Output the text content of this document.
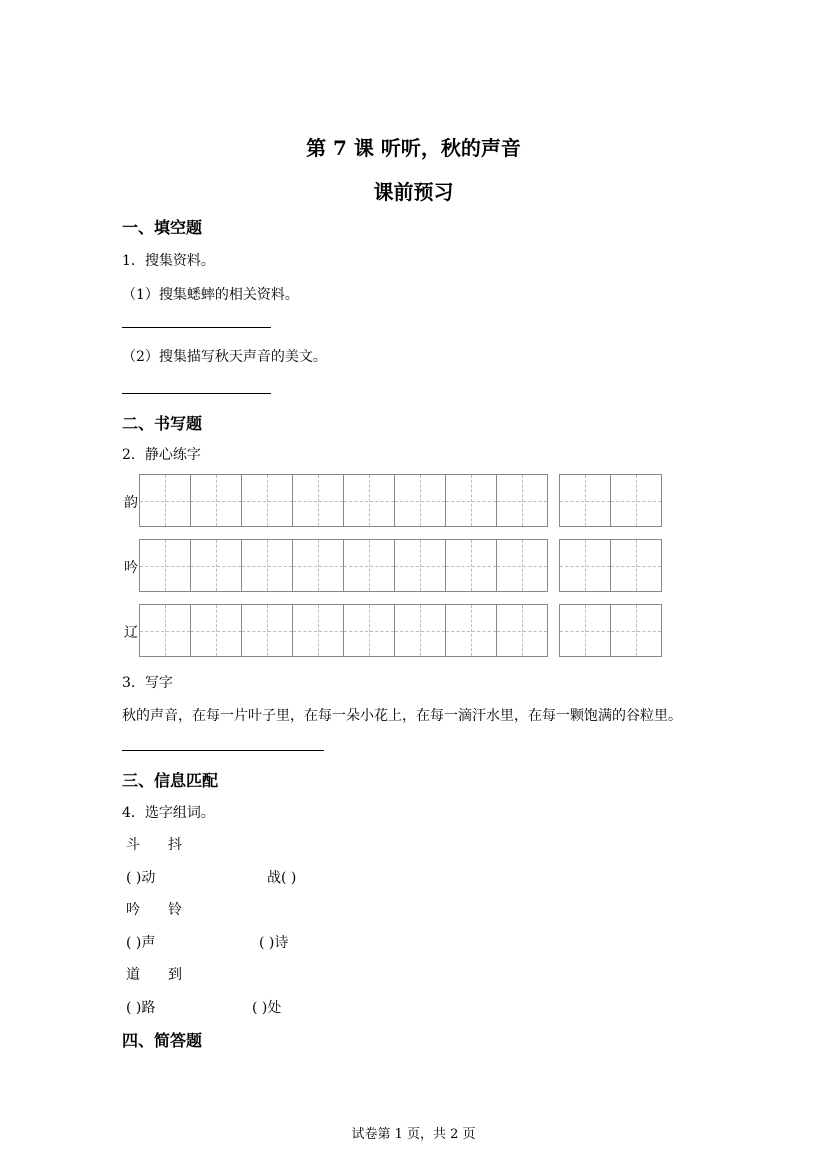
第 7 课 听听，秋的声音
课前预习
一、填空题
1．搜集资料。
（1）搜集蟋蟀的相关资料。
（2）搜集描写秋天声音的美文。
二、书写题
2．静心练字
韵
吟
辽
3．写字
秋的声音，在每一片叶子里，在每一朵小花上，在每一滴汗水里，在每一颗饱满的谷粒里。
三、信息匹配
4．选字组词。
斗 抖
( )动	战( )
吟 铃
( )声	( )诗
道 到
( )路	( )处
四、简答题
试卷第 1 页，共 2 页
